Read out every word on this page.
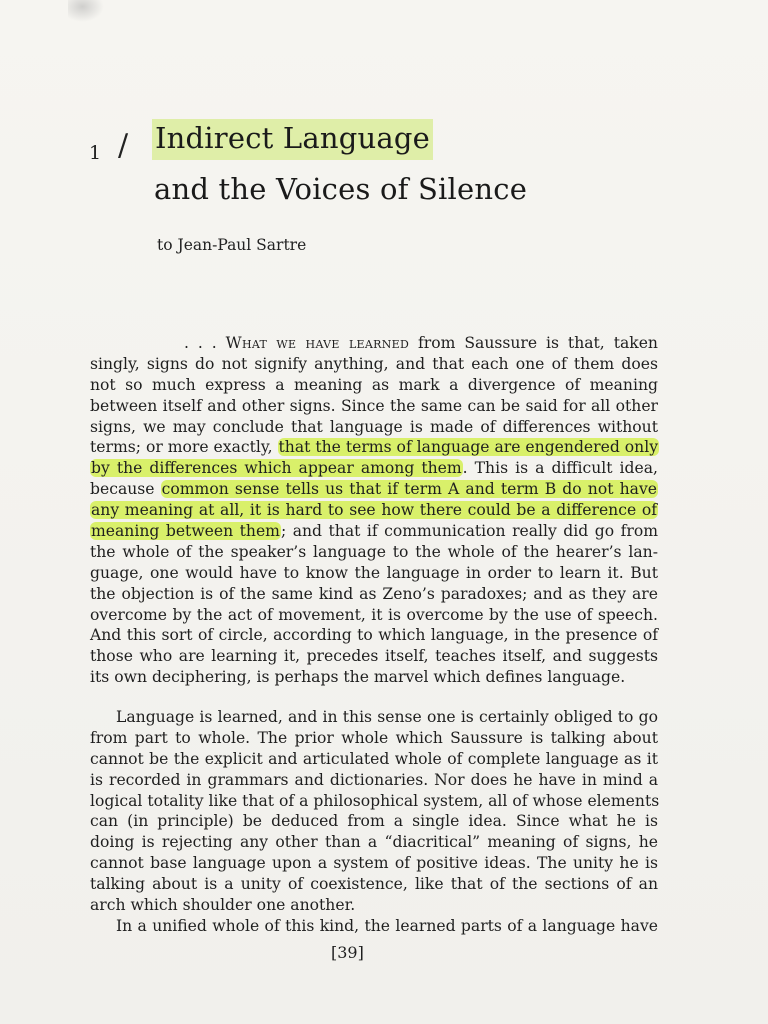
1 / Indirect Language
and the Voices of Silence
to Jean-Paul Sartre
. . . What we have learned from Saussure is that, taken
singly, signs do not signify anything, and that each one of them does
not so much express a meaning as mark a divergence of meaning
between itself and other signs. Since the same can be said for all other
signs, we may conclude that language is made of differences without
terms; or more exactly, that the terms of language are engendered only
by the differences which appear among them. This is a difficult idea,
because common sense tells us that if term A and term B do not have
any meaning at all, it is hard to see how there could be a difference of
meaning between them; and that if communication really did go from
the whole of the speaker’s language to the whole of the hearer’s lan-
guage, one would have to know the language in order to learn it. But
the objection is of the same kind as Zeno’s paradoxes; and as they are
overcome by the act of movement, it is overcome by the use of speech.
And this sort of circle, according to which language, in the presence of
those who are learning it, precedes itself, teaches itself, and suggests
its own deciphering, is perhaps the marvel which defines language.
Language is learned, and in this sense one is certainly obliged to go
from part to whole. The prior whole which Saussure is talking about
cannot be the explicit and articulated whole of complete language as it
is recorded in grammars and dictionaries. Nor does he have in mind a
logical totality like that of a philosophical system, all of whose elements
can (in principle) be deduced from a single idea. Since what he is
doing is rejecting any other than a “diacritical” meaning of signs, he
cannot base language upon a system of positive ideas. The unity he is
talking about is a unity of coexistence, like that of the sections of an
arch which shoulder one another.
In a unified whole of this kind, the learned parts of a language have
[39]
